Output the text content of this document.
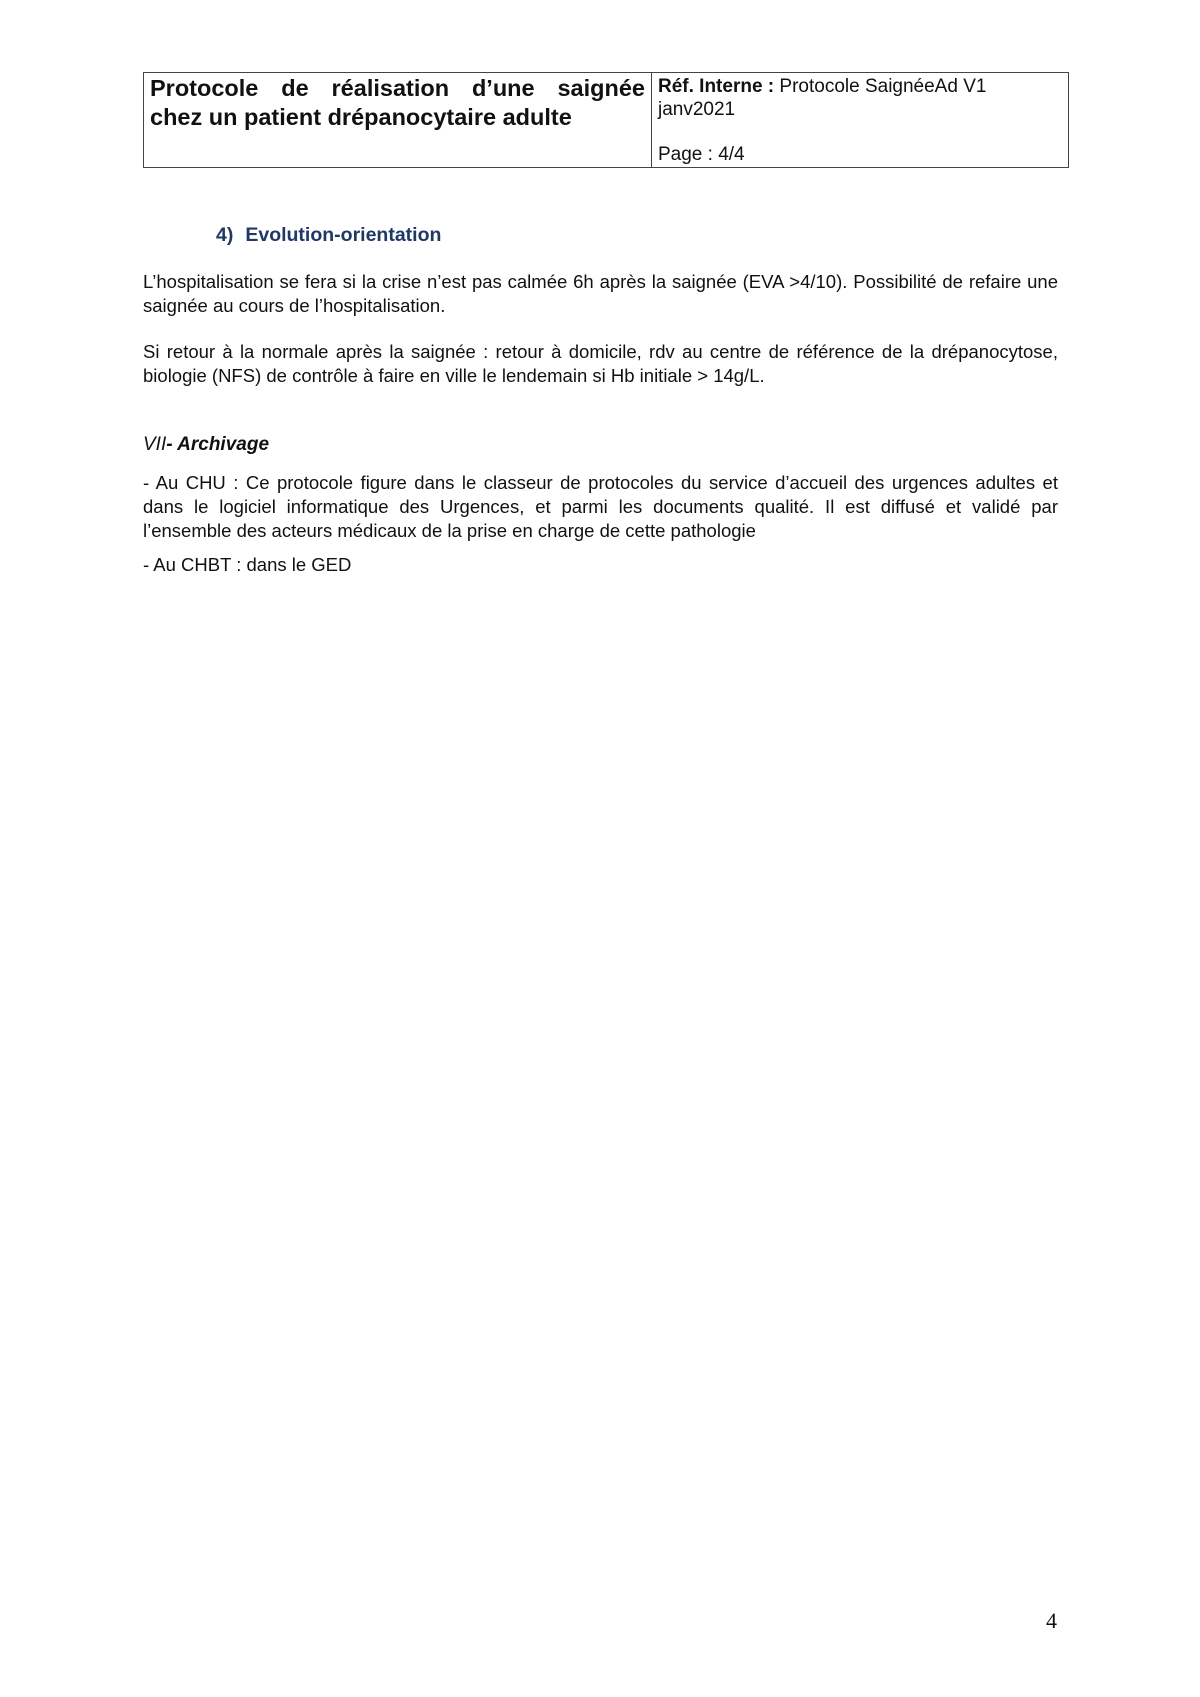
Protocole de réalisation d’une saignée
chez un patient drépanocytaire adulte
Réf. Interne : Protocole SaignéeAd V1
janv2021
Page : 4/4
4) Evolution-orientation
L’hospitalisation se fera si la crise n’est pas calmée 6h après la saignée (EVA >4/10). Possibilité de refaire une saignée au cours de l’hospitalisation.
Si retour à la normale après la saignée : retour à domicile, rdv au centre de référence de la drépanocytose, biologie (NFS) de contrôle à faire en ville le lendemain si Hb initiale > 14g/L.
VII- Archivage
- Au CHU : Ce protocole figure dans le classeur de protocoles du service d’accueil des urgences adultes et dans le logiciel informatique des Urgences, et parmi les documents qualité. Il est diffusé et validé par l’ensemble des acteurs médicaux de la prise en charge de cette pathologie
- Au CHBT : dans le GED
4
